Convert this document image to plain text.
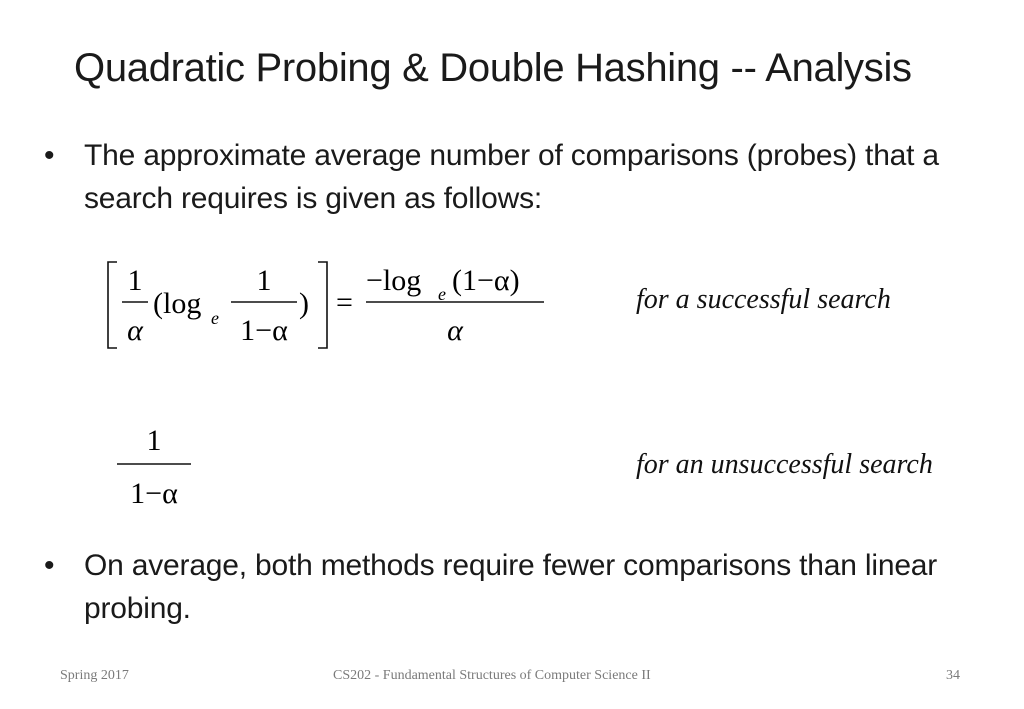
Quadratic Probing & Double Hashing -- Analysis
• The approximate average number of comparisons (probes) that a search requires is given as follows:
1
α
(log e
1
1−α
) =
−log e (1−α)
α
for a successful search
1
1−α
for an unsuccessful search
• On average, both methods require fewer comparisons than linear probing.
Spring 2017	CS202 - Fundamental Structures of Computer Science II	34
